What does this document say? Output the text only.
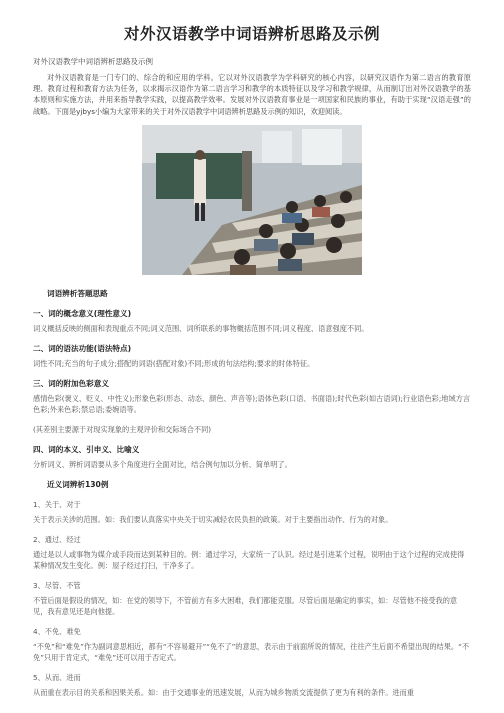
对外汉语教学中词语辨析思路及示例
对外汉语教学中词语辨析思路及示例
对外汉语教育是一门专门的、综合的和应用的学科。它以对外汉语教学为学科研究的核心内容，以研究汉语作为第二语言的教育原理、教育过程和教育方法为任务，以求揭示汉语作为第二语言学习和教学的本质特征以及学习和教学规律，从而制订出对外汉语教学的基本原则和实施方法，并用来指导教学实践，以提高教学效率。发展对外汉语教育事业是一项国家和民族的事业，有助于实现“汉语走强”的战略。下面是yjbys小编为大家带来的关于对外汉语教学中词语辨析思路及示例的知识，欢迎阅读。
词语辨析答题思路
一、词的概念意义(理性意义)
词义概括反映的侧面和表现重点不同;词义范围、词所联系的事物概括范围不同;词义程度、语意强度不同。
二、词的语法功能(语法特点)
词性不同;充当的句子成分;搭配的词语(搭配对象)不同;形成的句法结构;要求的时体特征。
三、词的附加色彩意义
感情色彩(褒义、贬义、中性义);形象色彩(形态、动态、颜色、声音等);语体色彩(口语、书面语);时代色彩(如古语词);行业语色彩;地域方言色彩;外来色彩;禁忌语;委婉语等。
(其差别主要源于对现实现象的主观评价和交际场合不同)
四、词的本义、引申义、比喻义
分析词义、辨析词语要从多个角度进行全面对比，结合例句加以分析、简单明了。
近义词辨析130例
1、关于、对于
关于表示关涉的范围。如：我们要认真落实中央关于切实减轻农民负担的政策。对于主要指出动作、行为的对象。
2、通过、经过
通过是以人或事物为媒介或手段而达到某种目的。例：通过学习，大家统一了认识。经过是引进某个过程，说明由于这个过程的完成使得某种情况发生变化。例：屋子经过打扫，干净多了。
3、尽管、不管
不管后面是假设的情况，如：在党的领导下，不管前方有多大困难，我们都能克服。尽管后面是确定的事实，如：尽管他不接受我的意见，我有意见还是向他提。
4、不免、难免
“不免”和“难免”作为副词意思相近，都有“不容易避开”“免不了”的意思，表示由于前面所说的情况，往往产生后面不希望出现的结果。“不免”只用于肯定式，“难免”还可以用于否定式。
5、从而、进而
从而重在表示目的关系和因果关系。如：由于交通事业的迅速发展，从而为城乡物质交流提供了更为有利的条件。进而重
